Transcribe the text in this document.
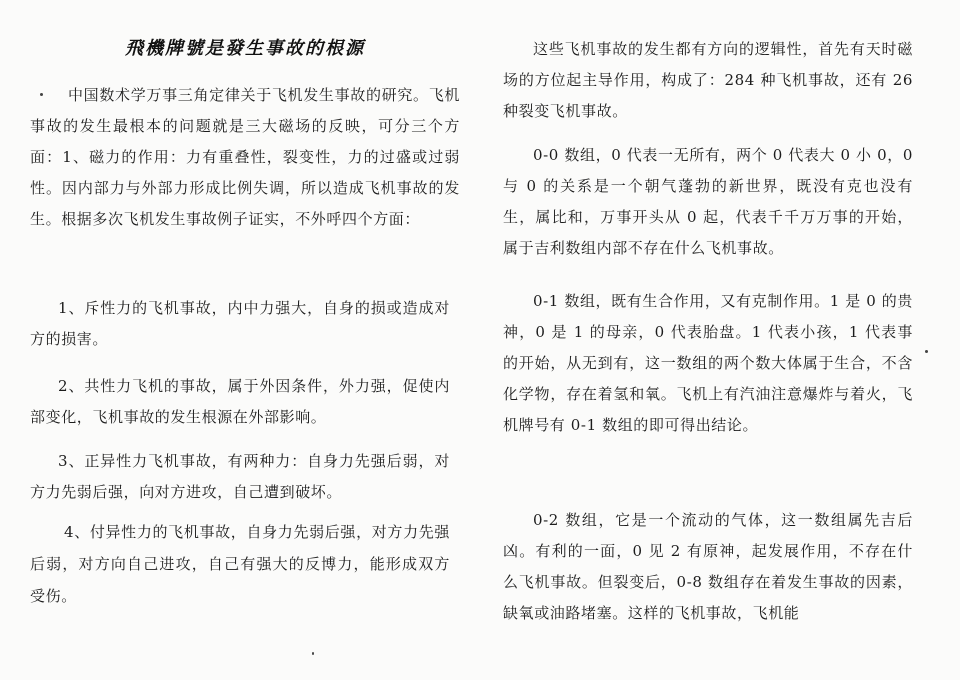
飛機牌號是發生事故的根源

中国数术学万事三角定律关于飞机发生事故的研究。飞机事故的发生最根本的问题就是三大磁场的反映，可分三个方面：1、磁力的作用：力有重叠性，裂变性，力的过盛或过弱性。因内部力与外部力形成比例失调，所以造成飞机事故的发生。根据多次飞机发生事故例子证实，不外呼四个方面：

1、斥性力的飞机事故，内中力强大，自身的损或造成对方的损害。

2、共性力飞机的事故，属于外因条件，外力强，促使内部变化，飞机事故的发生根源在外部影响。

3、正异性力飞机事故，有两种力：自身力先强后弱，对方力先弱后强，向对方进攻，自己遭到破坏。

4、付异性力的飞机事故，自身力先弱后强，对方力先强后弱，对方向自己进攻，自己有强大的反博力，能形成双方受伤。

这些飞机事故的发生都有方向的逻辑性，首先有天时磁场的方位起主导作用，构成了：284 种飞机事故，还有 26 种裂变飞机事故。

0-0 数组，0 代表一无所有，两个 0 代表大 0 小 0，0 与 0 的关系是一个朝气蓬勃的新世界，既没有克也没有生，属比和，万事开头从 0 起，代表千千万万事的开始，属于吉利数组内部不存在什么飞机事故。

0-1 数组，既有生合作用，又有克制作用。1 是 0 的贵神，0 是 1 的母亲，0 代表胎盘。1 代表小孩，1 代表事的开始，从无到有，这一数组的两个数大体属于生合，不含化学物，存在着氢和氧。飞机上有汽油注意爆炸与着火，飞机牌号有 0-1 数组的即可得出结论。

0-2 数组，它是一个流动的气体，这一数组属先吉后凶。有利的一面，0 见 2 有原神，起发展作用，不存在什么飞机事故。但裂变后，0-8 数组存在着发生事故的因素，缺氧或油路堵塞。这样的飞机事故，飞机能
